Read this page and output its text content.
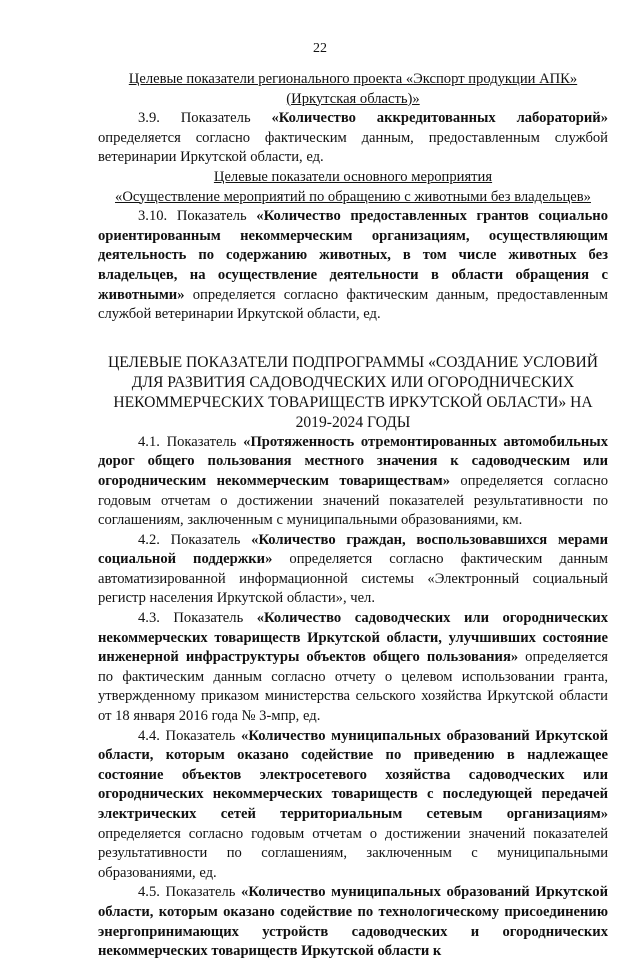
22

Целевые показатели регионального проекта «Экспорт продукции АПК»
(Иркутская область)»

3.9. Показатель «Количество аккредитованных лабораторий» определяется согласно фактическим данным, предоставленным службой ветеринарии Иркутской области, ед.

Целевые показатели основного мероприятия
«Осуществление мероприятий по обращению с животными без владельцев»

3.10. Показатель «Количество предоставленных грантов социально ориентированным некоммерческим организациям, осуществляющим деятельность по содержанию животных, в том числе животных без владельцев, на осуществление деятельности в области обращения с животными» определяется согласно фактическим данным, предоставленным службой ветеринарии Иркутской области, ед.

ЦЕЛЕВЫЕ ПОКАЗАТЕЛИ ПОДПРОГРАММЫ «СОЗДАНИЕ УСЛОВИЙ ДЛЯ РАЗВИТИЯ САДОВОДЧЕСКИХ ИЛИ ОГОРОДНИЧЕСКИХ НЕКОММЕРЧЕСКИХ ТОВАРИЩЕСТВ ИРКУТСКОЙ ОБЛАСТИ» НА 2019-2024 ГОДЫ

4.1. Показатель «Протяженность отремонтированных автомобильных дорог общего пользования местного значения к садоводческим или огородническим некоммерческим товариществам» определяется согласно годовым отчетам о достижении значений показателей результативности по соглашениям, заключенным с муниципальными образованиями, км.

4.2. Показатель «Количество граждан, воспользовавшихся мерами социальной поддержки» определяется согласно фактическим данным автоматизированной информационной системы «Электронный социальный регистр населения Иркутской области», чел.

4.3. Показатель «Количество садоводческих или огороднических некоммерческих товариществ Иркутской области, улучшивших состояние инженерной инфраструктуры объектов общего пользования» определяется по фактическим данным согласно отчету о целевом использовании гранта, утвержденному приказом министерства сельского хозяйства Иркутской области от 18 января 2016 года № 3-мпр, ед.

4.4. Показатель «Количество муниципальных образований Иркутской области, которым оказано содействие по приведению в надлежащее состояние объектов электросетевого хозяйства садоводческих или огороднических некоммерческих товариществ с последующей передачей электрических сетей территориальным сетевым организациям» определяется согласно годовым отчетам о достижении значений показателей результативности по соглашениям, заключенным с муниципальными образованиями, ед.

4.5. Показатель «Количество муниципальных образований Иркутской области, которым оказано содействие по технологическому присоединению энергопринимающих устройств садоводческих и огороднических некоммерческих товариществ Иркутской области к
